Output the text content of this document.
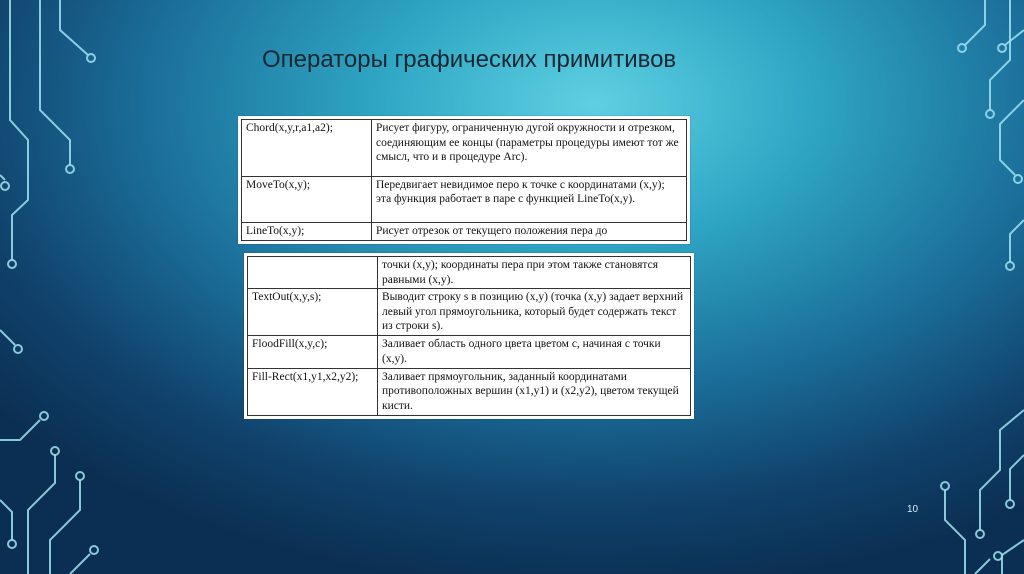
Операторы графических примитивов
Chord(x,y,r,a1,a2);	Рисует фигуру, ограниченную дугой окружности и отрезком, соединяющим ее концы (параметры процедуры имеют тот же смысл, что и в процедуре Arc).
MoveTo(x,y);	Передвигает невидимое перо к точке с координатами (x,y); эта функция работает в паре с функцией LineTo(x,y).
LineTo(x,y);	Рисует отрезок от текущего положения пера до
	точки (x,y); координаты пера при этом также становятся равными (x,y).
TextOut(x,y,s);	Выводит строку s в позицию (x,y) (точка (x,y) задает верхний левый угол прямоугольника, который будет содержать текст из строки s).
FloodFill(x,y,c);	Заливает область одного цвета цветом c, начиная с точки (x,y).
Fill-Rect(x1,y1,x2,y2);	Заливает прямоугольник, заданный координатами противоположных вершин (x1,y1) и (x2,y2), цветом текущей кисти.
10
